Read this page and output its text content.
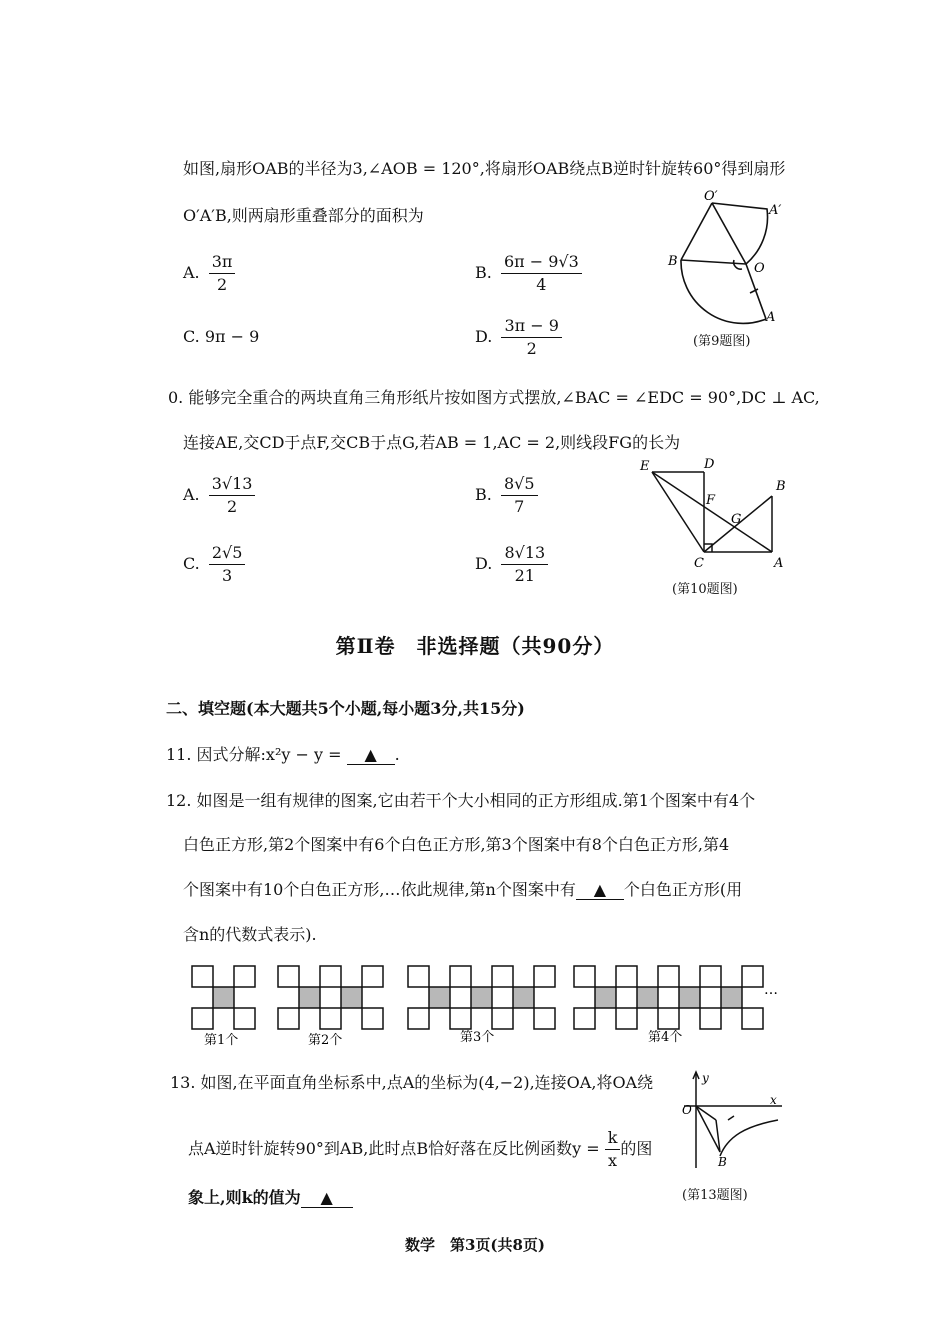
如图,扇形OAB的半径为3,∠AOB = 120°,将扇形OAB绕点B逆时针旋转60°得到扇形
O′A′B,则两扇形重叠部分的面积为
A. $\frac{3\pi}{2}$	B. $\frac{6\pi - 9√3}{4}$
C. 9π − 9	D. $\frac{3\pi - 9}{2}$
O′
A′
B	O
A
(第9题图)
0. 能够完全重合的两块直角三角形纸片按如图方式摆放,∠BAC = ∠EDC = 90°,DC ⊥ AC,
连接AE,交CD于点F,交CB于点G,若AB = 1,AC = 2,则线段FG的长为
A. $\frac{3√13}{2}$	B. $\frac{8√5}{7}$
C. $\frac{2√5}{3}$	D. $\frac{8√13}{21}$
E	D
F
B
G
C	A
(第10题图)
第Ⅱ卷　非选择题（共90分）
二、填空题(本大题共5个小题,每小题3分,共15分)
11. 因式分解:x²y − y = ▲ .
12. 如图是一组有规律的图案,它由若干个大小相同的正方形组成.第1个图案中有4个
白色正方形,第2个图案中有6个白色正方形,第3个图案中有8个白色正方形,第4
个图案中有10个白色正方形,…依此规律,第n个图案中有 ▲ 个白色正方形(用
含n的代数式表示).
第1个	第2个	第3个	第4个
…
13. 如图,在平面直角坐标系中,点A的坐标为(4,−2),连接OA,将OA绕
点A逆时针旋转90°到AB,此时点B恰好落在反比例函数$y = \frac{k}{x}$ 的图
象上,则k的值为 ▲
y
O
x
B
(第13题图)
数学　第3页(共8页)
